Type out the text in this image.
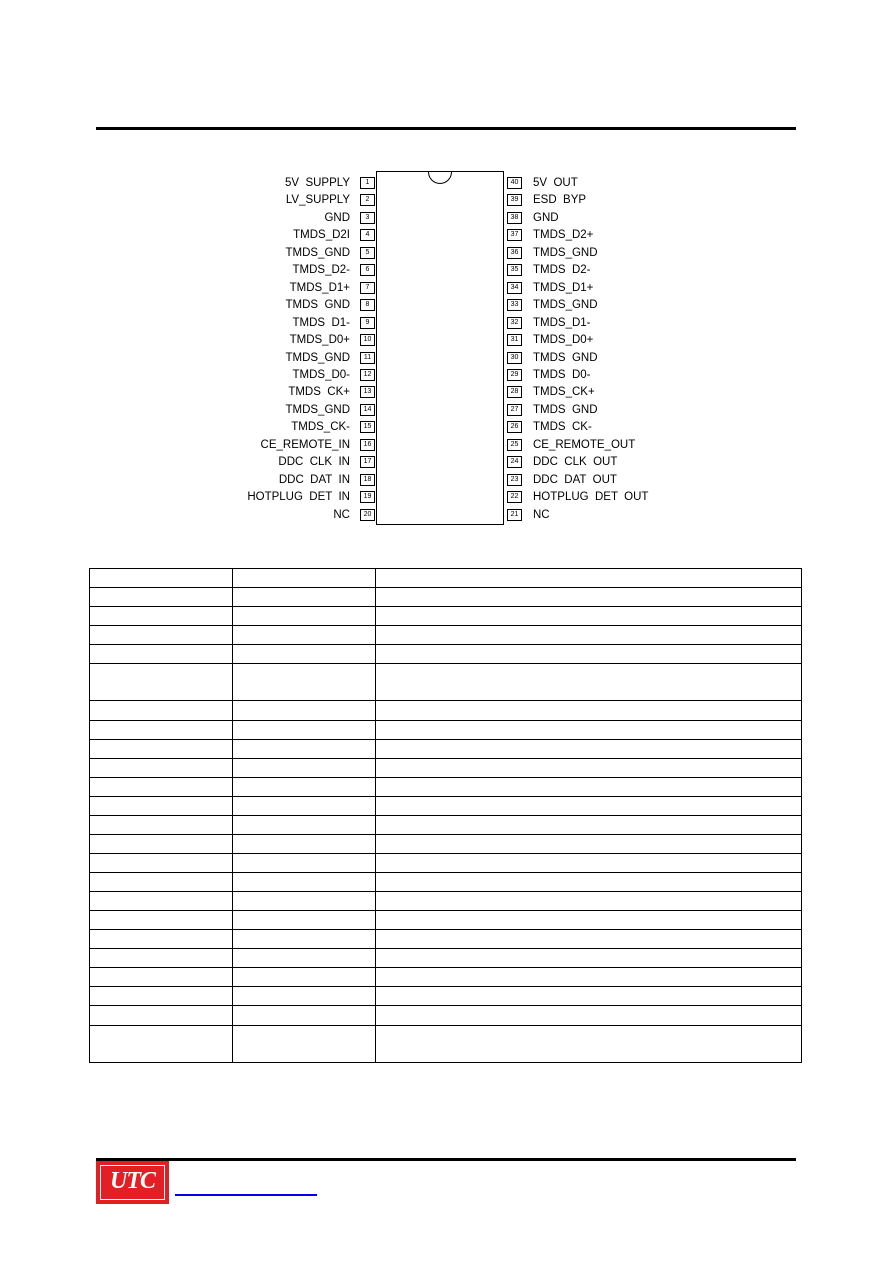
1
5V  SUPPLY
2
LV_SUPPLY
3
GND
4
TMDS_D2I
5
TMDS_GND
6
TMDS_D2-
7
TMDS_D1+
8
TMDS  GND
9
TMDS  D1-
10
TMDS_D0+
11
TMDS_GND
12
TMDS_D0-
13
TMDS  CK+
14
TMDS_GND
15
TMDS_CK-
16
CE_REMOTE_IN
17
DDC  CLK  IN
18
DDC  DAT  IN
19
HOTPLUG  DET  IN
20
NC
40	5V  OUT
39	ESD  BYP
38	GND
37	TMDS_D2+
36	TMDS_GND
35	TMDS  D2-
34	TMDS_D1+
33	TMDS_GND
32	TMDS_D1-
31	TMDS_D0+
30	TMDS  GND
29	TMDS  D0-
28	TMDS_CK+
27	TMDS  GND
26	TMDS  CK-
25	CE_REMOTE_OUT
24	DDC  CLK  OUT
23	DDC  DAT  OUT
22	HOTPLUG  DET  OUT
21	NC

UTC
